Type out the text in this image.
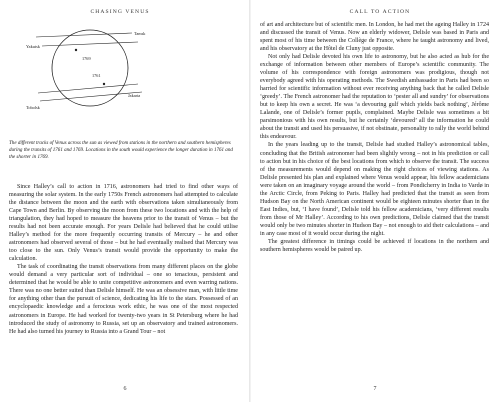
CHASING VENUS
Tamsk
Yakutsk
1769
1761
Jakarta
Tobolsk
The different tracks of Venus across the sun as viewed from stations in the northern and southern hemispheres during the transits of 1761 and 1769. Locations in the south would experience the longer duration in 1761 and the shorter in 1769.

Since Halley’s call to action in 1716, astronomers had tried to find other ways of measuring the solar system. In the early 1750s French astronomers had attempted to calculate the distance between the moon and the earth with observations taken simultaneously from Cape Town and Berlin. By observing the moon from these two locations and with the help of triangulation, they had hoped to measure the heavens prior to the transit of Venus – but the results had not been accurate enough. For years Delisle had believed that he could utilise Halley’s method for the more frequently occurring transits of Mercury – he and other astronomers had observed several of those – but he had eventually realised that Mercury was too close to the sun. Only Venus’s transit would provide the opportunity to make the calculation.

The task of coordinating the transit observations from many different places on the globe would demand a very particular sort of individual – one so tenacious, persistent and determined that he would be able to unite competitive astronomers and even warring nations. There was no one better suited than Delisle himself. He was an obsessive man, with little time for anything other than the pursuit of science, dedicating his life to the stars. Possessed of an encyclopaedic knowledge and a ferocious work ethic, he was one of the most respected astronomers in Europe. He had worked for twenty-two years in St Petersburg where he had introduced the study of astronomy to Russia, set up an observatory and trained astronomers. He had also turned his journey to Russia into a Grand Tour – not

6
CALL TO ACTION

of art and architecture but of scientific men. In London, he had met the ageing Halley in 1724 and discussed the transit of Venus. Now an elderly widower, Delisle was based in Paris and spent most of his time between the Collège de France, where he taught astronomy and lived, and his observatory at the Hôtel de Cluny just opposite.

Not only had Delisle devoted his own life to astronomy, but he also acted as hub for the exchange of information between other members of Europe’s scientific community. The volume of his correspondence with foreign astronomers was prodigious, though not everybody agreed with his operating methods. The Swedish ambassador in Paris had been so harried for scientific information without ever receiving anything back that he called Delisle ‘greedy’. The French astronomer had the reputation to ‘pester all and sundry’ for observations but to keep his own a secret. He was ‘a devouring gulf which yields back nothing’, Jérôme Lalande, one of Delisle’s former pupils, complained. Maybe Delisle was sometimes a bit parsimonious with his own results, but he certainly ‘devoured’ all the information he could about the transit and used his persuasive, if not obstinate, personality to rally the world behind this endeavour.

In the years leading up to the transit, Delisle had studied Halley’s astronomical tables, concluding that the British astronomer had been slightly wrong – not in his prediction or call to action but in his choice of the best locations from which to observe the transit. The success of the measurements would depend on making the right choices of viewing stations. As Delisle presented his plan and explained where Venus would appear, his fellow academicians were taken on an imaginary voyage around the world – from Pondicherry in India to Vardø in the Arctic Circle, from Peking to Paris. Halley had predicted that the transit as seen from Hudson Bay on the North American continent would be eighteen minutes shorter than in the East Indies, but, ‘I have found’, Delisle told his fellow academicians, ‘very different results from those of Mr Halley’. According to his own predictions, Delisle claimed that the transit would only be two minutes shorter in Hudson Bay – not enough to aid their calculations – and in any case most of it would occur during the night.

The greatest difference in timings could be achieved if locations in the northern and southern hemispheres would be paired up.

7
